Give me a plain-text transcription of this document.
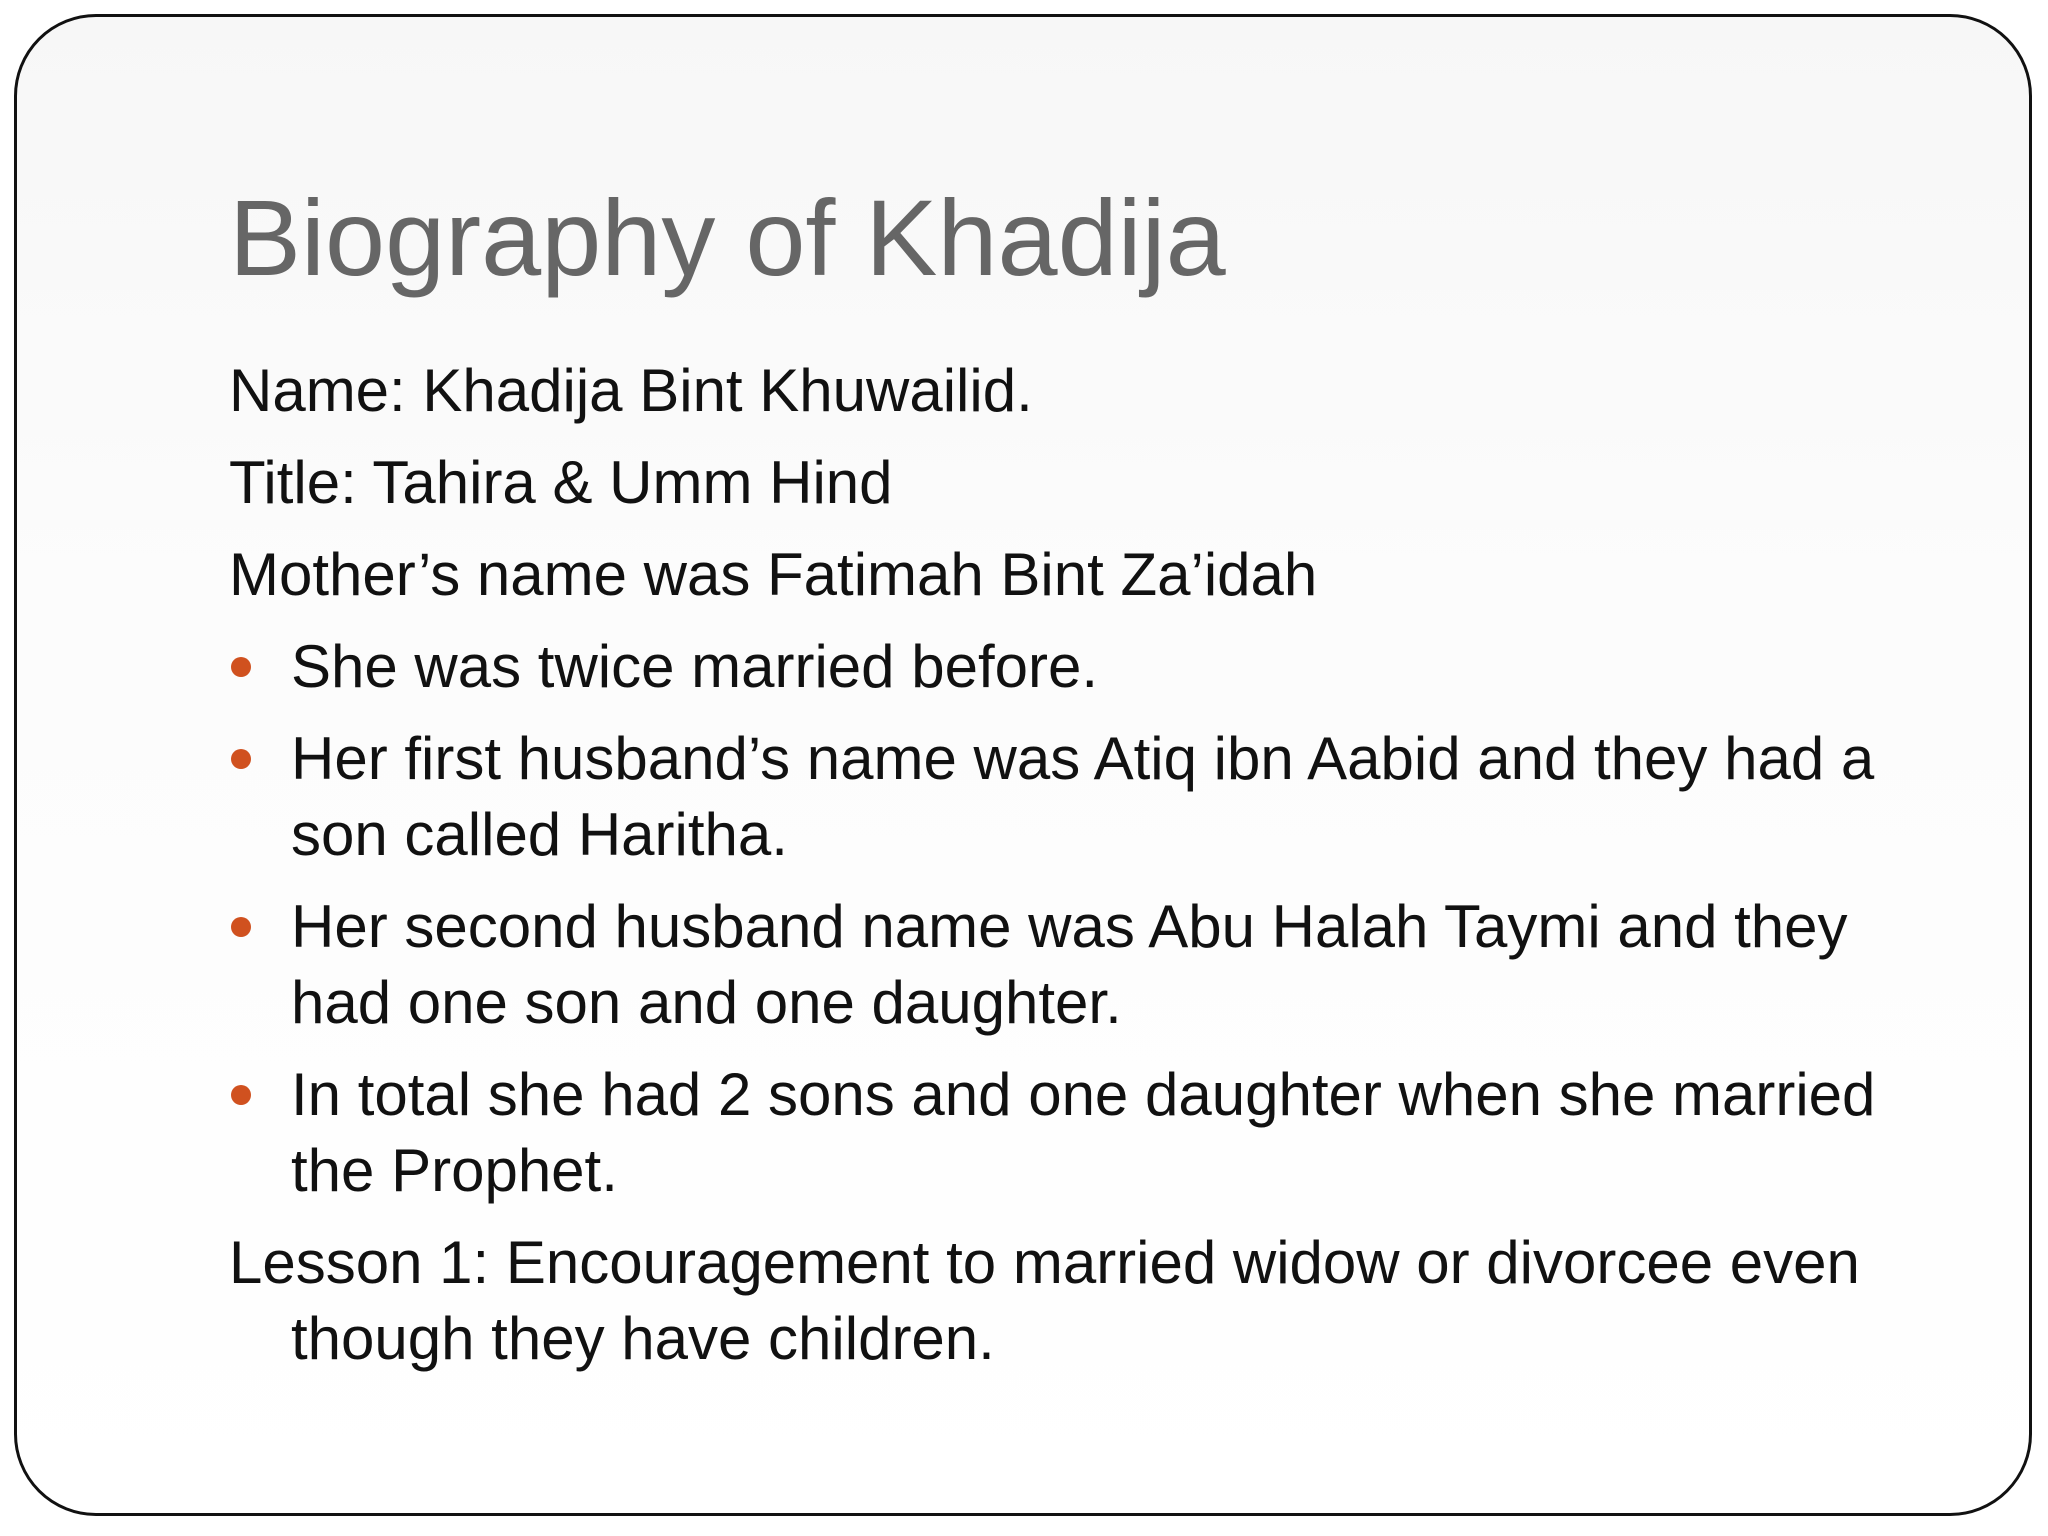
Biography of Khadija

Name: Khadija Bint Khuwailid.

Title: Tahira & Umm Hind

Mother’s name was Fatimah Bint Za’idah

She was twice married before.
Her first husband’s name was Atiq ibn Aabid and they had a son called Haritha.
Her second husband name was Abu Halah Taymi and they had one son and one daughter.
In total she had 2 sons and one daughter when she married the Prophet.

Lesson 1: Encouragement to married widow or divorcee even though they have children.
